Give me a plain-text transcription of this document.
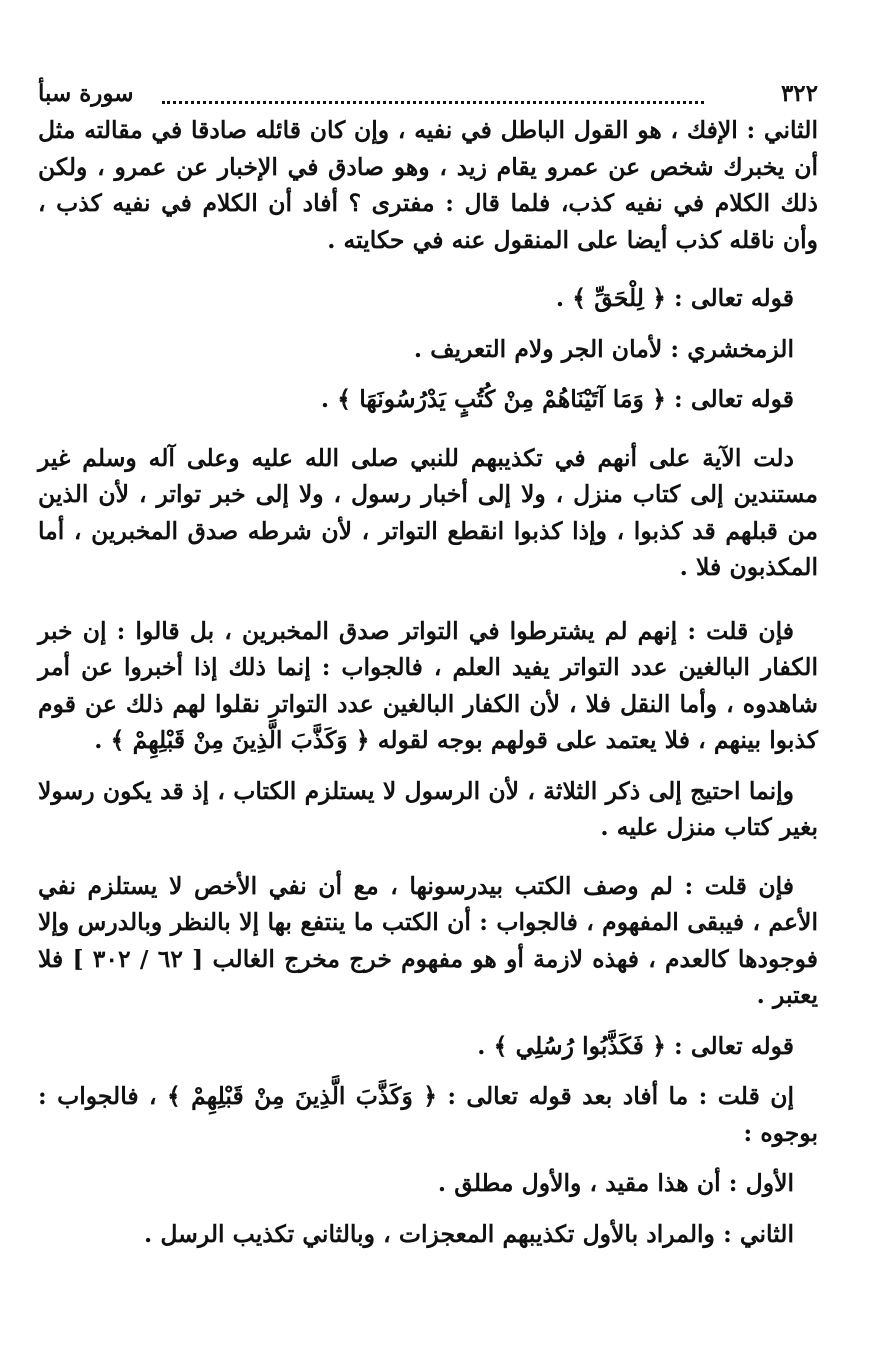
٣٢٢
سورة سبأ

الثاني : الإفك ، هو القول الباطل في نفيه ، وإن كان قائله صادقا في مقالته مثل أن يخبرك شخص عن عمرو يقام زيد ، وهو صادق في الإخبار عن عمرو ، ولكن ذلك الكلام في نفيه كذب، فلما قال : مفترى ؟ أفاد أن الكلام في نفيه كذب ، وأن ناقله كذب أيضا على المنقول عنه في حكايته .

قوله تعالى : ﴿ لِلْحَقِّ ﴾ .

الزمخشري : لأمان الجر ولام التعريف .

قوله تعالى : ﴿ وَمَا آتَيْنَاهُمْ مِنْ كُتُبٍ يَدْرُسُونَهَا ﴾ .

دلت الآية على أنهم في تكذيبهم للنبي صلى الله عليه وعلى آله وسلم غير مستندين إلى كتاب منزل ، ولا إلى أخبار رسول ، ولا إلى خبر تواتر ، لأن الذين من قبلهم قد كذبوا ، وإذا كذبوا انقطع التواتر ، لأن شرطه صدق المخبرين ، أما المكذبون فلا .

فإن قلت : إنهم لم يشترطوا في التواتر صدق المخبرين ، بل قالوا : إن خبر الكفار البالغين عدد التواتر يفيد العلم ، فالجواب : إنما ذلك إذا أخبروا عن أمر شاهدوه ، وأما النقل فلا ، لأن الكفار البالغين عدد التواتر نقلوا لهم ذلك عن قوم كذبوا بينهم ، فلا يعتمد على قولهم بوجه لقوله ﴿ وَكَذَّبَ الَّذِينَ مِنْ قَبْلِهِمْ ﴾ .

وإنما احتيج إلى ذكر الثلاثة ، لأن الرسول لا يستلزم الكتاب ، إذ قد يكون رسولا بغير كتاب منزل عليه .

فإن قلت : لم وصف الكتب بيدرسونها ، مع أن نفي الأخص لا يستلزم نفي الأعم ، فيبقى المفهوم ، فالجواب : أن الكتب ما ينتفع بها إلا بالنظر وبالدرس وإلا فوجودها كالعدم ، فهذه لازمة أو هو مفهوم خرج مخرج الغالب [ ٦٢ / ٣٠٢ ] فلا يعتبر .

قوله تعالى : ﴿ فَكَذَّبُوا رُسُلِي ﴾ .

إن قلت : ما أفاد بعد قوله تعالى : ﴿ وَكَذَّبَ الَّذِينَ مِنْ قَبْلِهِمْ ﴾ ، فالجواب : بوجوه :

الأول : أن هذا مقيد ، والأول مطلق .

الثاني : والمراد بالأول تكذيبهم المعجزات ، وبالثاني تكذيب الرسل .
